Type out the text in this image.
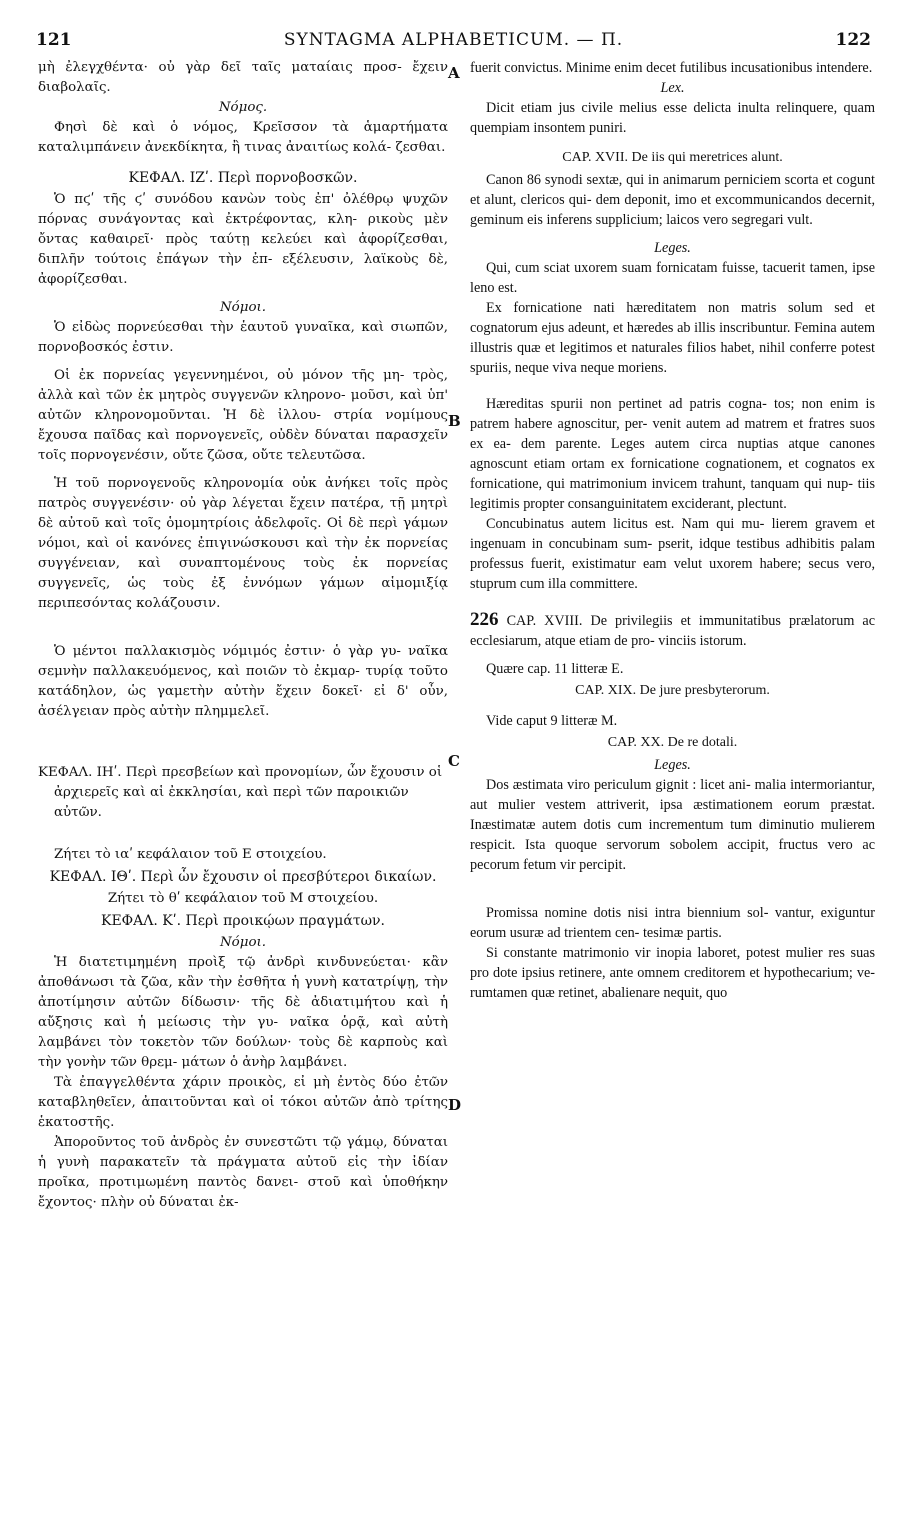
121	SYNTAGMA ALPHABETICUM. — Π.	122
A
B
C
D

μὴ ἐλεγχθέντα· οὐ γὰρ δεῖ ταῖς ματαίαις προσ- ἔχειν διαβολαῖς.

Νόμος.

Φησὶ δὲ καὶ ὁ νόμος, Κρεῖσσον τὰ ἁμαρτήματα καταλιμπάνειν ἀνεκδίκητα, ἢ τινας ἀναιτίως κολά- ζεσθαι.

ΚΕΦΑΛ. ΙΖʹ. Περὶ πορνοβοσκῶν.

Ὁ πϛʹ τῆς ϛʹ συνόδου κανὼν τοὺς ἐπ' ὀλέθρῳ ψυχῶν πόρνας συνάγοντας καὶ ἐκτρέφοντας, κλη- ρικοὺς μὲν ὄντας καθαιρεῖ· πρὸς ταύτῃ κελεύει καὶ ἀφορίζεσθαι, διπλῆν τούτοις ἐπάγων τὴν ἐπ- εξέλευσιν, λαϊκοὺς δὲ, ἀφορίζεσθαι.

Νόμοι.

Ὁ εἰδὼς πορνεύεσθαι τὴν ἑαυτοῦ γυναῖκα, καὶ σιωπῶν, πορνοβοσκός ἐστιν.

Οἱ ἐκ πορνείας γεγεννημένοι, οὐ μόνον τῆς μη- τρὸς, ἀλλὰ καὶ τῶν ἐκ μητρὸς συγγενῶν κληρονο- μοῦσι, καὶ ὑπ' αὐτῶν κληρονομοῦνται. Ἡ δὲ ἰλλου- στρία νομίμους ἔχουσα παῖδας καὶ πορνογενεῖς, οὐδὲν δύναται παρασχεῖν τοῖς πορνογενέσιν, οὔτε ζῶσα, οὔτε τελευτῶσα.

Ἡ τοῦ πορνογενοῦς κληρονομία οὐκ ἀνήκει τοῖς πρὸς πατρὸς συγγενέσιν· οὐ γὰρ λέγεται ἔχειν πατέρα, τῇ μητρὶ δὲ αὐτοῦ καὶ τοῖς ὁμομητρίοις ἀδελφοῖς. Οἱ δὲ περὶ γάμων νόμοι, καὶ οἱ κανόνες ἐπιγινώσκουσι καὶ τὴν ἐκ πορνείας συγγένειαν, καὶ συναπτομένους τοὺς ἐκ πορνείας συγγενεῖς, ὡς τοὺς ἐξ ἐννόμων γάμων αἱμομιξίᾳ περιπεσόντας κολάζουσιν.

Ὁ μέντοι παλλακισμὸς νόμιμός ἐστιν· ὁ γὰρ γυ- ναῖκα σεμνὴν παλλακευόμενος, καὶ ποιῶν τὸ ἐκμαρ- τυρίᾳ τοῦτο κατάδηλον, ὡς γαμετὴν αὐτὴν ἔχειν δοκεῖ· εἰ δ' οὖν, ἀσέλγειαν πρὸς αὐτὴν πλημμελεῖ.

ΚΕΦΑΛ. ΙΗʹ. Περὶ πρεσβείων καὶ προνομίων, ὧν ἔχουσιν οἱ ἀρχιερεῖς καὶ αἱ ἐκκλησίαι, καὶ περὶ τῶν παροικιῶν αὐτῶν.

Ζήτει τὸ ιαʹ κεφάλαιον τοῦ Ε στοιχείου.

ΚΕΦΑΛ. ΙΘʹ. Περὶ ὧν ἔχουσιν οἱ πρεσβύτεροι δικαίων.

Ζήτει τὸ θʹ κεφάλαιον τοῦ Μ στοιχείου.

ΚΕΦΑΛ. Κʹ. Περὶ προικῴων πραγμάτων.

Νόμοι.

Ἡ διατετιμημένη προὶξ τῷ ἀνδρὶ κινδυνεύεται· κἂν ἀποθάνωσι τὰ ζῶα, κἂν τὴν ἐσθῆτα ἡ γυνὴ κατατρίψῃ, τὴν ἀποτίμησιν αὐτῶν δίδωσιν· τῆς δὲ ἀδιατιμήτου καὶ ἡ αὔξησις καὶ ἡ μείωσις τὴν γυ- ναῖκα ὁρᾷ, καὶ αὐτὴ λαμβάνει τὸν τοκετὸν τῶν δούλων· τοὺς δὲ καρποὺς καὶ τὴν γονὴν τῶν θρεμ- μάτων ὁ ἀνὴρ λαμβάνει.

Τὰ ἐπαγγελθέντα χάριν προικὸς, εἰ μὴ ἐντὸς δύο ἐτῶν καταβληθεῖεν, ἀπαιτοῦνται καὶ οἱ τόκοι αὐτῶν ἀπὸ τρίτης ἑκατοστῆς.

Ἀποροῦντος τοῦ ἀνδρὸς ἐν συνεστῶτι τῷ γάμῳ, δύναται ἡ γυνὴ παρακατεῖν τὰ πράγματα αὐτοῦ εἰς τὴν ἰδίαν προῖκα, προτιμωμένη παντὸς δανει- στοῦ καὶ ὑποθήκην ἔχοντος· πλὴν οὐ δύναται ἐκ-

fuerit convictus. Minime enim decet futilibus incusationibus intendere.

Lex.

Dicit etiam jus civile melius esse delicta inulta relinquere, quam quempiam insontem puniri.

CAP. XVII. De iis qui meretrices alunt.

Canon 86 synodi sextæ, qui in animarum perniciem scorta et cogunt et alunt, clericos qui- dem deponit, imo et excommunicandos decernit, geminum eis inferens supplicium; laicos vero segregari vult.

Leges.

Qui, cum sciat uxorem suam fornicatam fuisse, tacuerit tamen, ipse leno est.

Ex fornicatione nati hæreditatem non matris solum sed et cognatorum ejus adeunt, et hæredes ab illis inscribuntur. Femina autem illustris quæ et legitimos et naturales filios habet, nihil conferre potest spuriis, neque viva neque moriens.

Hæreditas spurii non pertinet ad patris cogna- tos; non enim is patrem habere agnoscitur, per- venit autem ad matrem et fratres suos ex ea- dem parente. Leges autem circa nuptias atque canones agnoscunt etiam ortam ex fornicatione cognationem, et cognatos ex fornicatione, qui matrimonium invicem trahunt, tanquam qui nup- tiis legitimis propter consanguinitatem exciderant, plectunt.

Concubinatus autem licitus est. Nam qui mu- lierem gravem et ingenuam in concubinam sum- pserit, idque testibus adhibitis palam professus fuerit, existimatur eam velut uxorem habere; secus vero, stuprum cum illa committere.

226 CAP. XVIII. De privilegiis et immunitatibus prælatorum ac ecclesiarum, atque etiam de pro- vinciis istorum.

Quære cap. 11 litteræ E.

CAP. XIX. De jure presbyterorum.

Vide caput 9 litteræ M.

CAP. XX. De re dotali.

Leges.

Dos æstimata viro periculum gignit : licet ani- malia intermoriantur, aut mulier vestem attriverit, ipsa æstimationem eorum præstat. Inæstimatæ autem dotis cum incrementum tum diminutio mulierem respicit. Ista quoque servorum sobolem accipit, fructus vero ac pecorum fetum vir percipit.

Promissa nomine dotis nisi intra biennium sol- vantur, exiguntur eorum usuræ ad trientem cen- tesimæ partis.

Si constante matrimonio vir inopia laboret, potest mulier res suas pro dote ipsius retinere, ante omnem creditorem et hypothecarium; ve- rumtamen quæ retinet, abalienare nequit, quo
